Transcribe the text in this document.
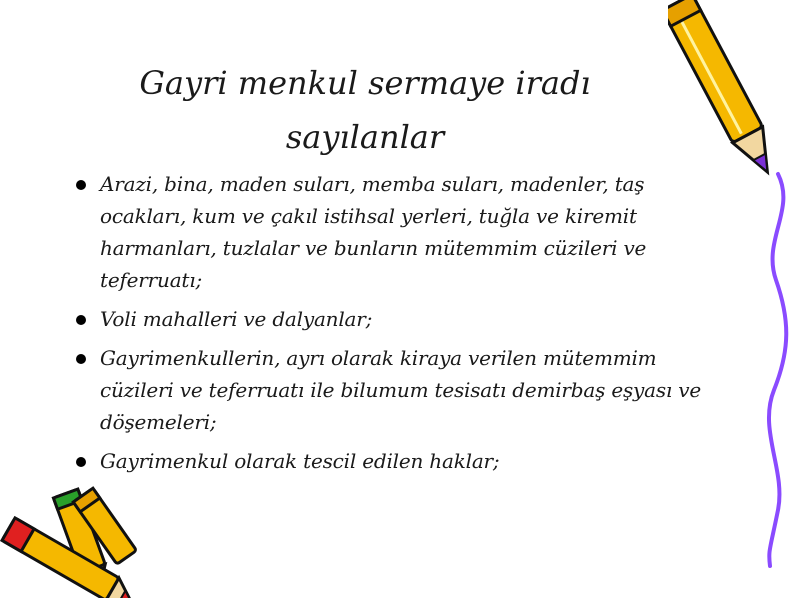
Gayri menkul sermaye iradı
sayılanlar
Arazi, bina, maden suları, memba suları, madenler, taş ocakları, kum ve çakıl istihsal yerleri, tuğla ve kiremit harmanları, tuzlalar ve bunların mütemmim cüzileri ve teferruatı;
Voli mahalleri ve dalyanlar;
Gayrimenkullerin, ayrı olarak kiraya verilen mütemmim cüzileri ve teferruatı ile bilumum tesisatı demirbaş eşyası ve döşemeleri;
Gayrimenkul olarak tescil edilen haklar;
